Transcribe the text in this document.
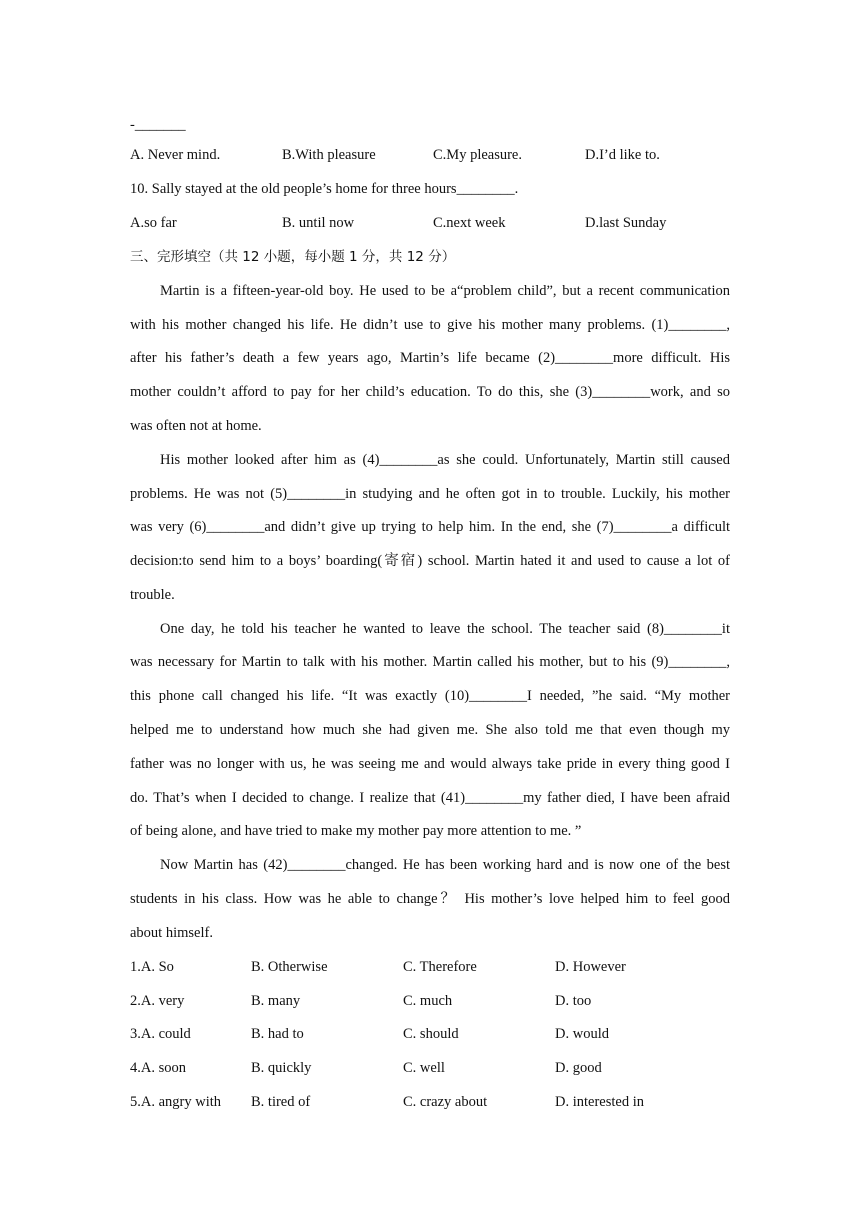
-_______
A. Never mind.	B.With pleasure	C.My pleasure.	D.I’d like to.
10. Sally stayed at the old people’s home for three hours________.
A.so far	B. until now	C.next week	D.last Sunday
三、完形填空（共 12 小题，每小题 1 分，共 12 分）
Martin is a fifteen-year-old boy. He used to be a“problem child”, but a recent communication
with his mother changed his life. He didn’t use to give his mother many problems. (1)________,
after his father’s death a few years ago, Martin’s life became (2)________more difficult. His
mother couldn’t afford to pay for her child’s education. To do this, she (3)________work, and so
was often not at home.
His mother looked after him as (4)________as she could. Unfortunately, Martin still caused
problems. He was not (5)________in studying and he often got in to trouble. Luckily, his mother
was very (6)________and didn’t give up trying to help him. In the end, she (7)________a difficult
decision:to send him to a boys’ boarding(寄宿) school. Martin hated it and used to cause a lot of
trouble.
One day, he told his teacher he wanted to leave the school. The teacher said (8)________it
was necessary for Martin to talk with his mother. Martin called his mother, but to his (9)________,
this phone call changed his life. “It was exactly (10)________I needed, ”he said. “My mother
helped me to understand how much she had given me. She also told me that even though my
father was no longer with us, he was seeing me and would always take pride in every thing good I
do. That’s when I decided to change. I realize that (41)________my father died, I have been afraid
of being alone, and have tried to make my mother pay more attention to me. ”
Now Martin has (42)________changed. He has been working hard and is now one of the best
students in his class. How was he able to change？ His mother’s love helped him to feel good
about himself.
1.A. So	B. Otherwise	C. Therefore	D. However
2.A. very	B. many	C. much	D. too
3.A. could	B. had to	C. should	D. would
4.A. soon	B. quickly	C. well	D. good
5.A. angry with B. tired of	C. crazy about	D. interested in
